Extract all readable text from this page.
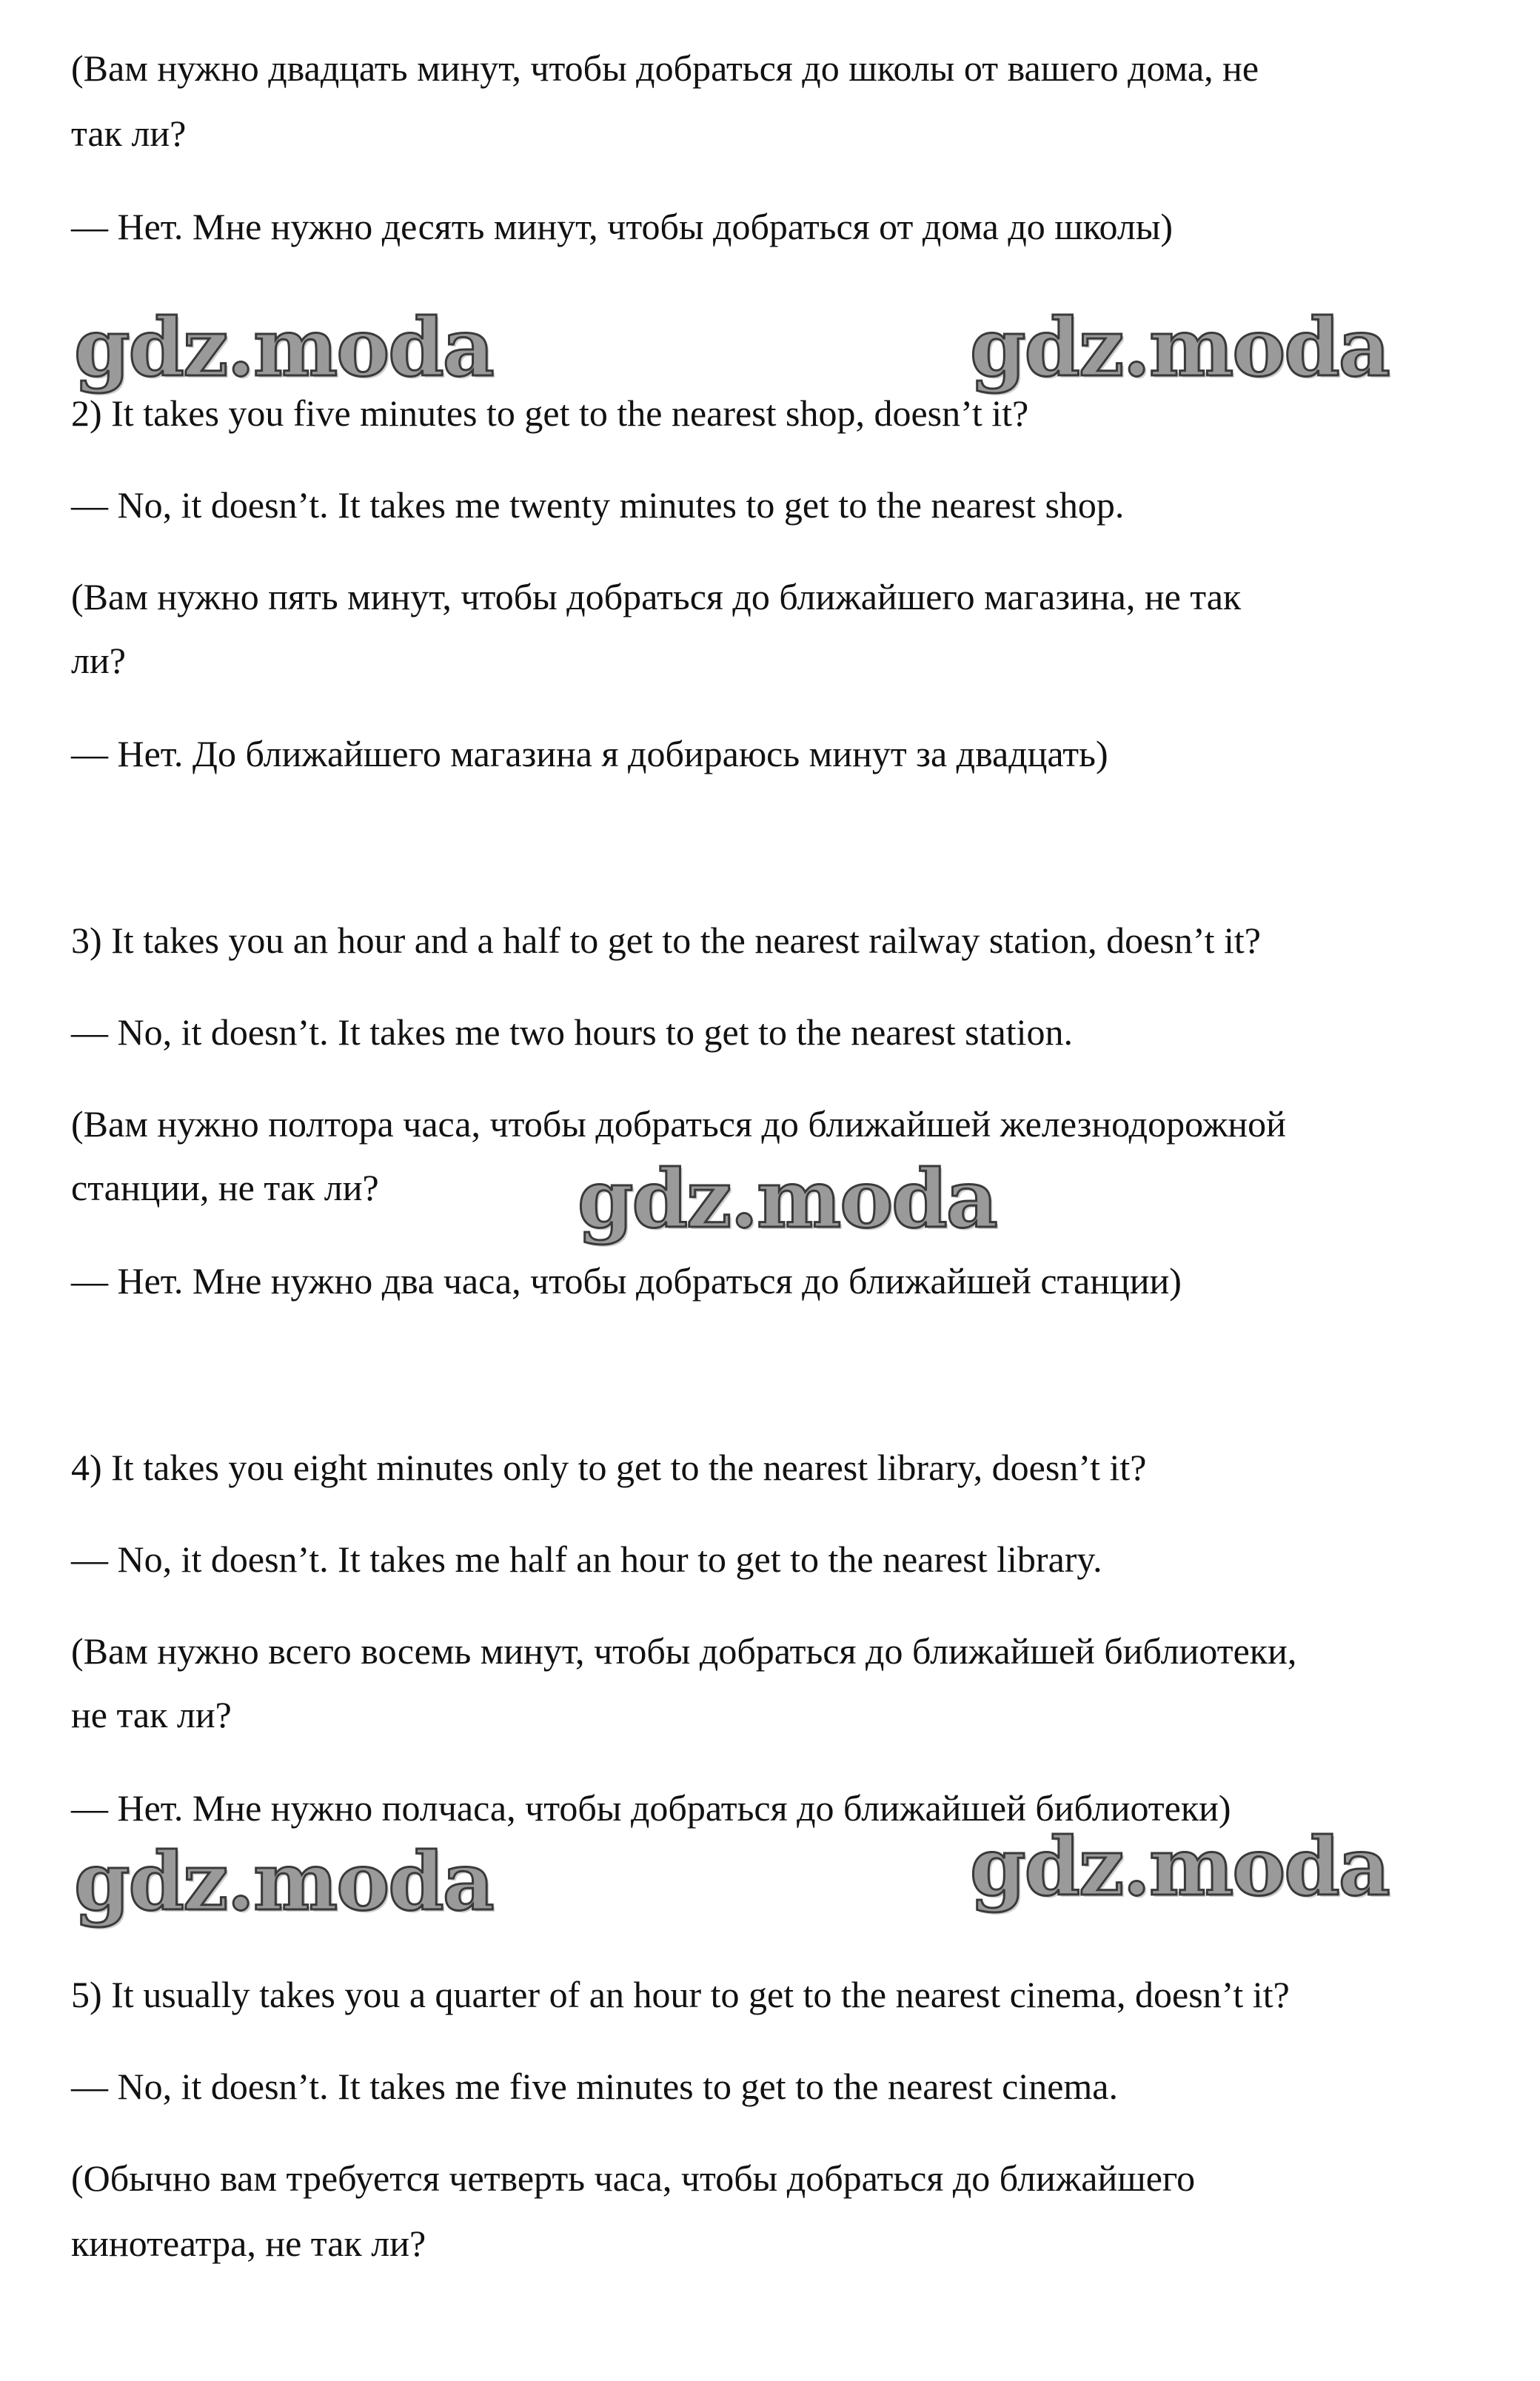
(Вам нужно двадцать минут, чтобы добраться до школы от вашего дома, не

так ли?

— Нет. Мне нужно десять минут, чтобы добраться от дома до школы)

2) It takes you five minutes to get to the nearest shop, doesn’t it?

— No, it doesn’t. It takes me twenty minutes to get to the nearest shop.

(Вам нужно пять минут, чтобы добраться до ближайшего магазина, не так

ли?

— Нет. До ближайшего магазина я добираюсь минут за двадцать)

3) It takes you an hour and a half to get to the nearest railway station, doesn’t it?

— No, it doesn’t. It takes me two hours to get to the nearest station.

(Вам нужно полтора часа, чтобы добраться до ближайшей железнодорожной

станции, не так ли?

— Нет. Мне нужно два часа, чтобы добраться до ближайшей станции)

4) It takes you eight minutes only to get to the nearest library, doesn’t it?

— No, it doesn’t. It takes me half an hour to get to the nearest library.

(Вам нужно всего восемь минут, чтобы добраться до ближайшей библиотеки,

не так ли?

— Нет. Мне нужно полчаса, чтобы добраться до ближайшей библиотеки)

5) It usually takes you a quarter of an hour to get to the nearest cinema, doesn’t it?

— No, it doesn’t. It takes me five minutes to get to the nearest cinema.

(Обычно вам требуется четверть часа, чтобы добраться до ближайшего

кинотеатра, не так ли?

gdz.moda	gdz.moda
gdz.moda
gdz.moda	gdz.moda
